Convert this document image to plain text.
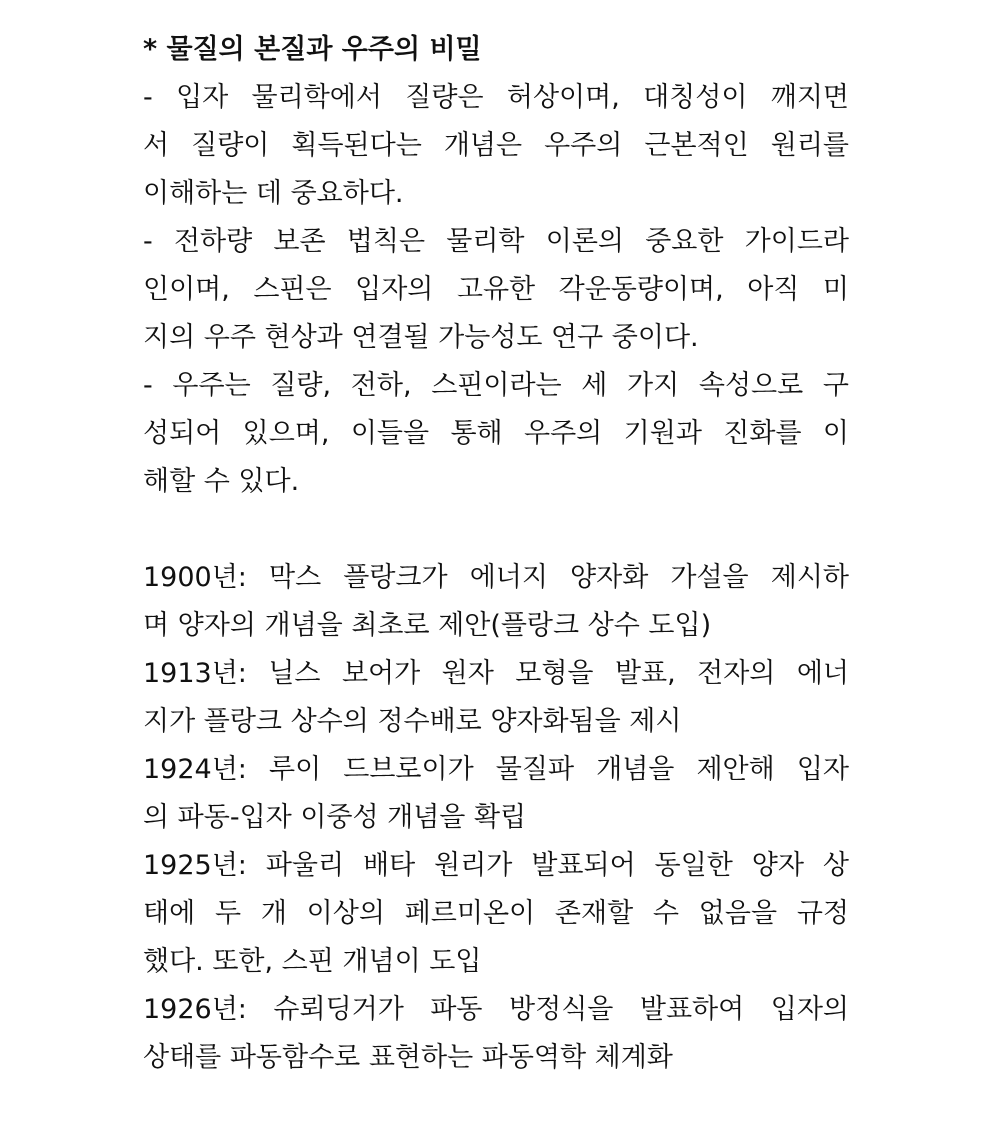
* 물질의 본질과 우주의 비밀
- 입자 물리학에서 질량은 허상이며, 대칭성이 깨지면
서 질량이 획득된다는 개념은 우주의 근본적인 원리를
이해하는 데 중요하다.
- 전하량 보존 법칙은 물리학 이론의 중요한 가이드라
인이며, 스핀은 입자의 고유한 각운동량이며, 아직 미
지의 우주 현상과 연결될 가능성도 연구 중이다.
- 우주는 질량, 전하, 스핀이라는 세 가지 속성으로 구
성되어 있으며, 이들을 통해 우주의 기원과 진화를 이
해할 수 있다.
1900년: 막스 플랑크가 에너지 양자화 가설을 제시하
며 양자의 개념을 최초로 제안(플랑크 상수 도입)
1913년: 닐스 보어가 원자 모형을 발표, 전자의 에너
지가 플랑크 상수의 정수배로 양자화됨을 제시
1924년: 루이 드브로이가 물질파 개념을 제안해 입자
의 파동-입자 이중성 개념을 확립
1925년: 파울리 배타 원리가 발표되어 동일한 양자 상
태에 두 개 이상의 페르미온이 존재할 수 없음을 규정
했다. 또한, 스핀 개념이 도입
1926년: 슈뢰딩거가 파동 방정식을 발표하여 입자의
상태를 파동함수로 표현하는 파동역학 체계화
